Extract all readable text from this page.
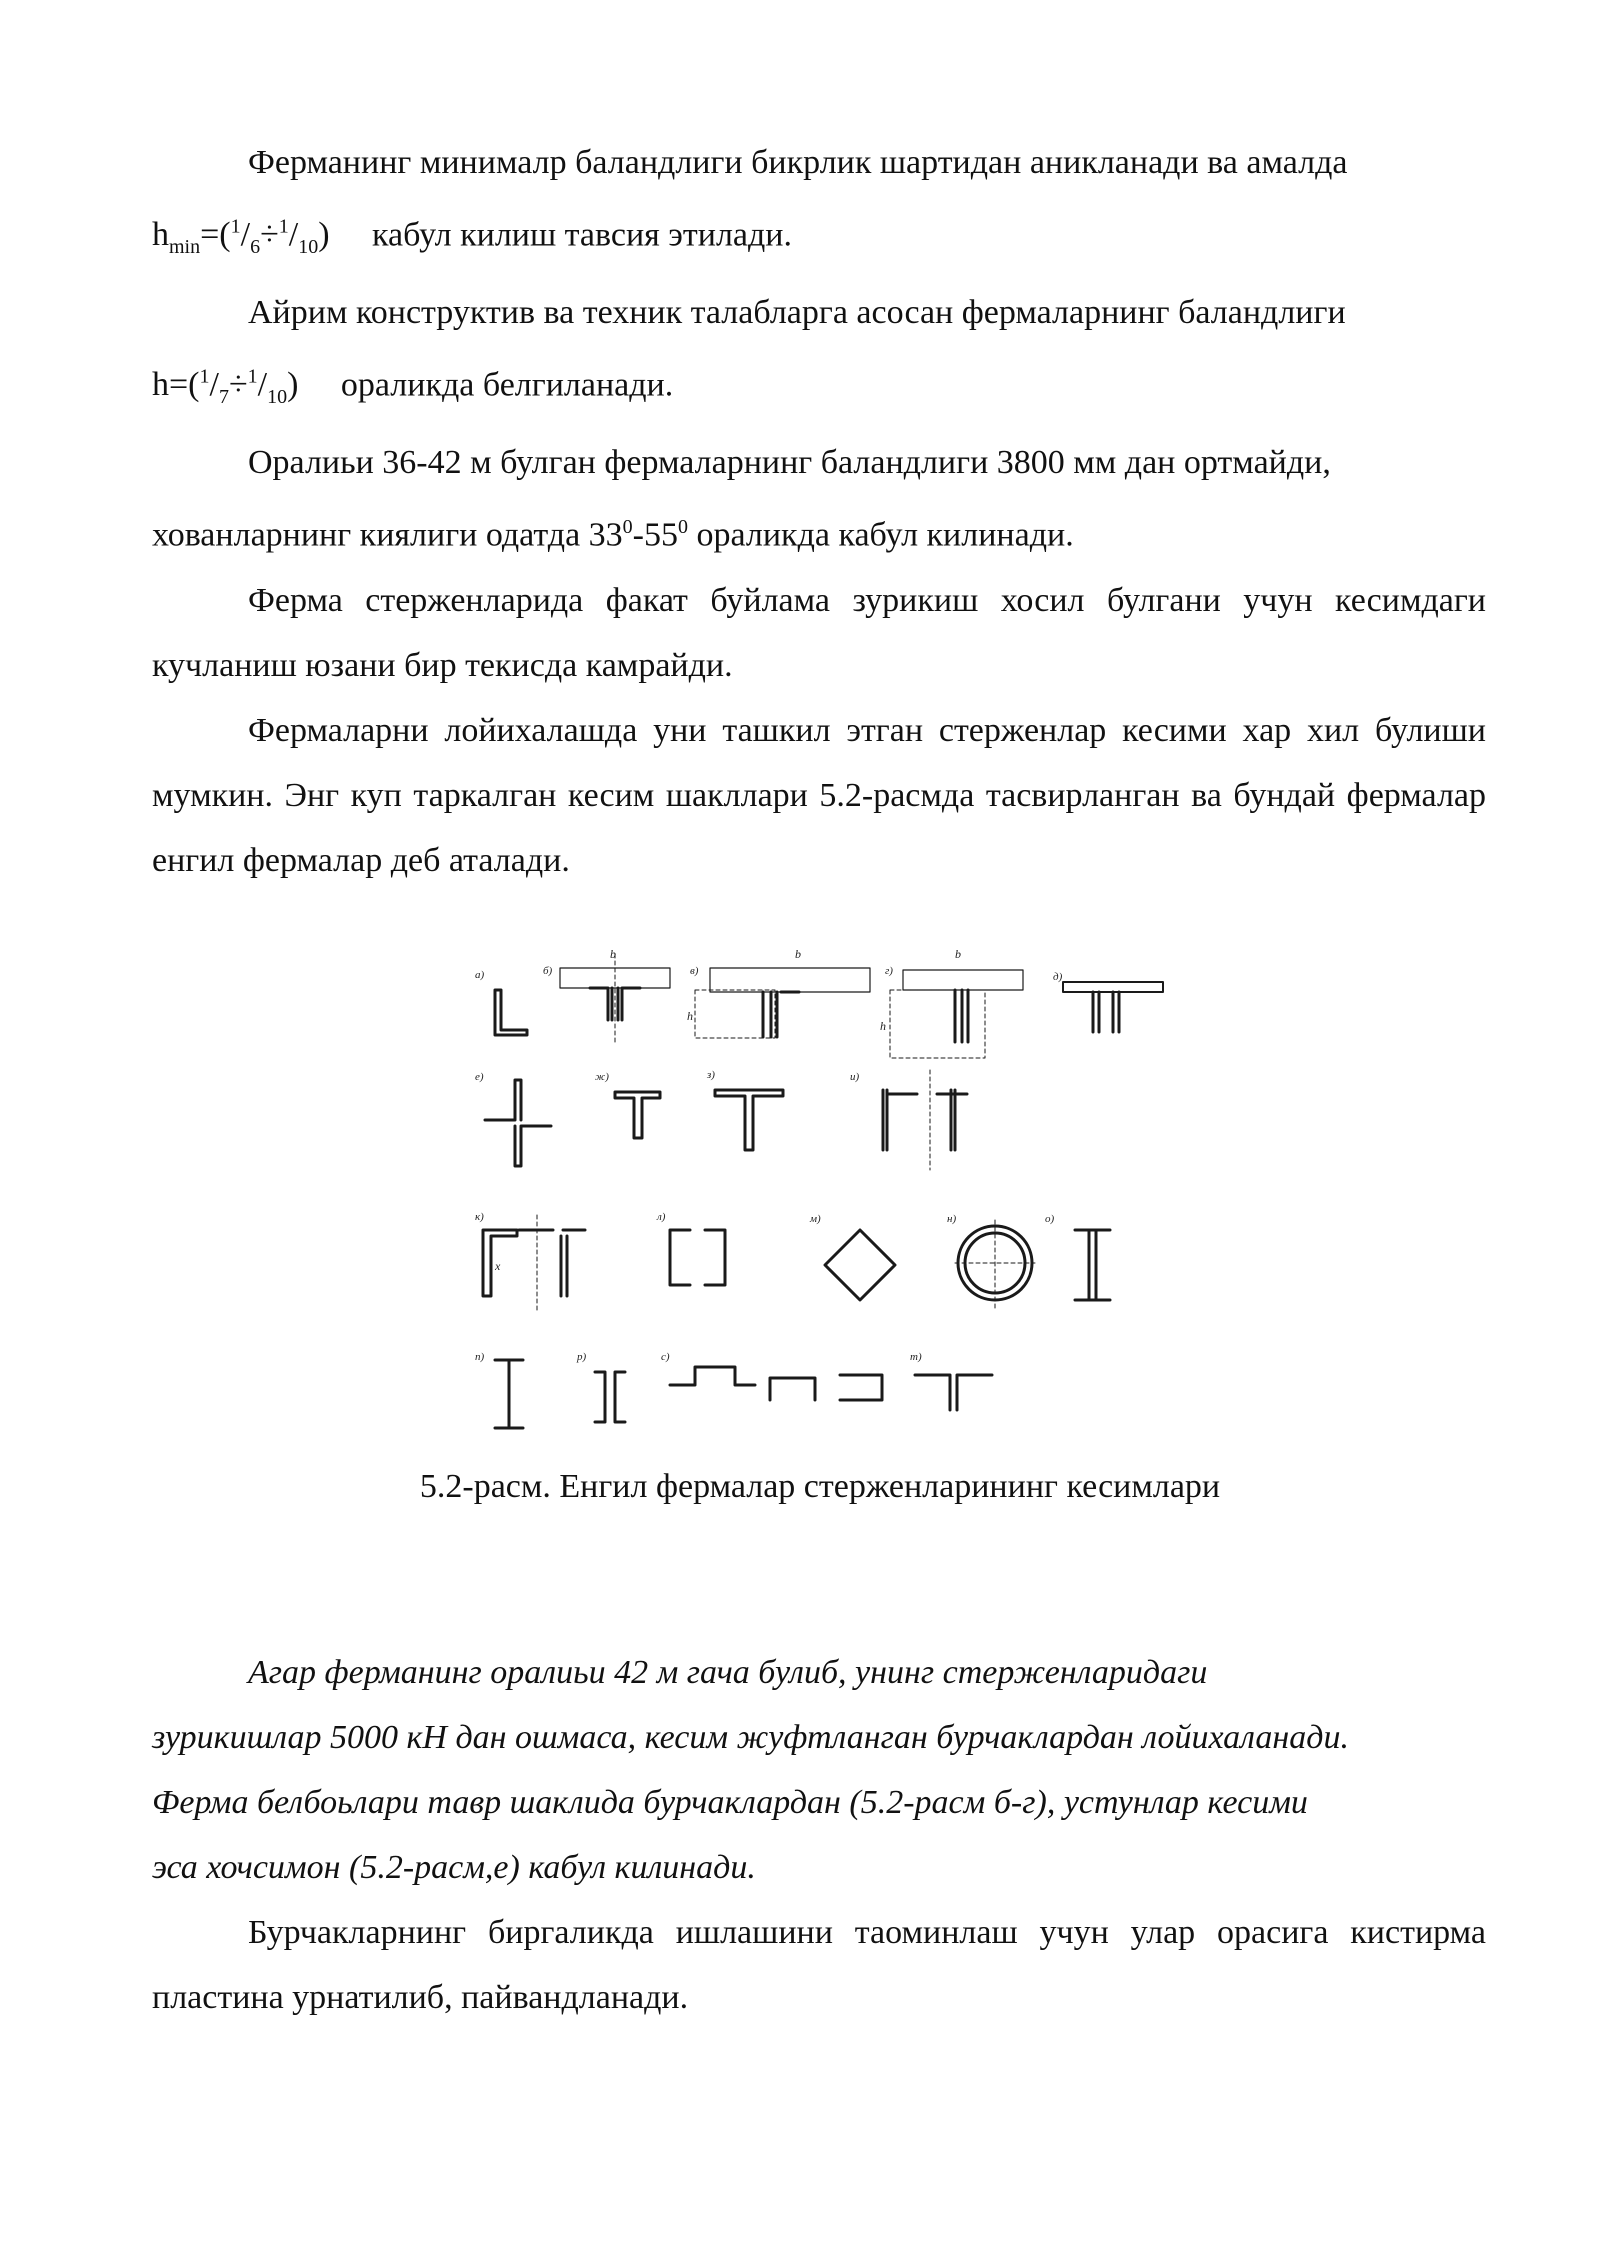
Ферманинг минималр баландлиги бикрлик шартидан аникланади ва амалда
$h_{min}=(^1/_6\div^1/_{10})$ кабул килиш тавсия этилади.

Айрим конструктив ва техник талабларга асосан фермаларнинг баландлиги
$h=(^1/_7\div^1/_{10})$ ораликда белгиланади.

Оралиьи 36-42 м булган фермаларнинг баландлиги 3800 мм дан ортмайди,
хованларнинг киялиги одатда $33^0-55^0$ ораликда кабул килинади.

Ферма стерженларида факат буйлама зурикиш хосил булгани учун кесимдаги кучланиш юзани бир текисда камрайди.

Фермаларни лойихалашда уни ташкил этган стерженлар кесими хар хил булиши мумкин. Энг куп таркалган кесим шакллари 5.2-расмда тасвирланган ва бундай фермалар енгил фермалар деб аталади.

а)	б)
b
в)
b
h
г)
b
h
д)
е)	ж)	з)	и)
к)
x
л)	м)	н)	о)
п)	р)	с)	т)
5.2-расм. Енгил фермалар стерженларининг кесимлари

Агар ферманинг оралиьи 42 м гача булиб, унинг стерженларидаги
зурикишлар 5000 кН дан ошмаса, кесим жуфтланган бурчаклардан лойихаланади.
Ферма белбоьлари тавр шаклида бурчаклардан (5.2-расм б-г), устунлар кесими
эса хочсимон (5.2-расм,е) кабул килинади.

Бурчакларнинг биргаликда ишлашини таоминлаш учун улар орасига кистирма пластина урнатилиб, пайвандланади.
